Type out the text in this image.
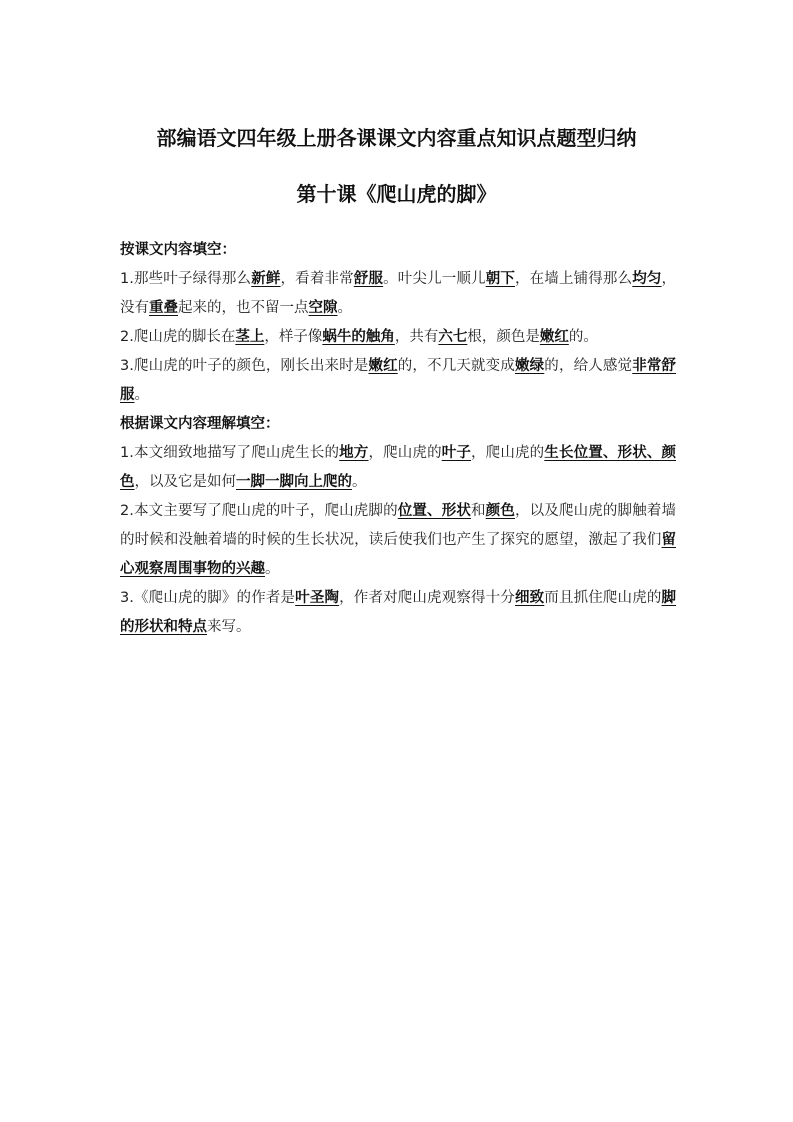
部编语文四年级上册各课课文内容重点知识点题型归纳
第十课《爬山虎的脚》

按课文内容填空：

1.那些叶子绿得那么新鲜，看着非常舒服。叶尖儿一顺儿朝下，在墙上铺得那么均匀，没有重叠起来的，也不留一点空隙。

2.爬山虎的脚长在茎上，样子像蜗牛的触角，共有六七根，颜色是嫩红的。

3.爬山虎的叶子的颜色，刚长出来时是嫩红的，不几天就变成嫩绿的，给人感觉非常舒服。

根据课文内容理解填空：

1.本文细致地描写了爬山虎生长的地方，爬山虎的叶子，爬山虎的生长位置、形状、颜色，以及它是如何一脚一脚向上爬的。

2.本文主要写了爬山虎的叶子，爬山虎脚的位置、形状和颜色，以及爬山虎的脚触着墙的时候和没触着墙的时候的生长状况，读后使我们也产生了探究的愿望，激起了我们留心观察周围事物的兴趣。

3.《爬山虎的脚》的作者是叶圣陶，作者对爬山虎观察得十分细致而且抓住爬山虎的脚的形状和特点来写。
